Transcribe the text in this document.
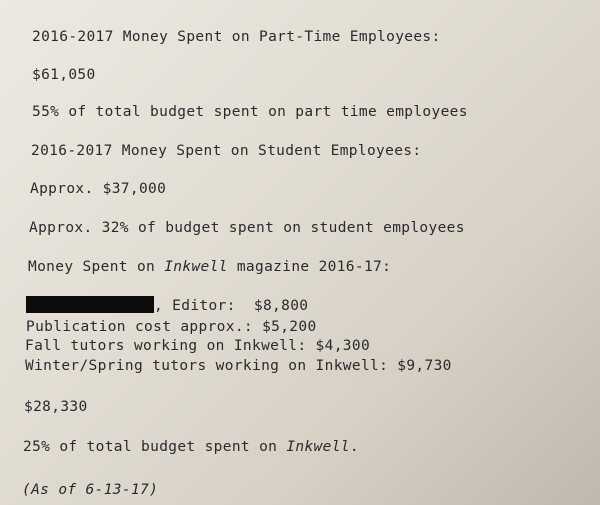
2016-2017 Money Spent on Part-Time Employees:
$61,050
55% of total budget spent on part time employees
2016-2017 Money Spent on Student Employees:
Approx. $37,000
Approx. 32% of budget spent on student employees
Money Spent on Inkwell magazine 2016-17:
, Editor:  $8,800
Publication cost approx.: $5,200
Fall tutors working on Inkwell: $4,300
Winter/Spring tutors working on Inkwell: $9,730
$28,330
25% of total budget spent on Inkwell.
(As of 6-13-17)
